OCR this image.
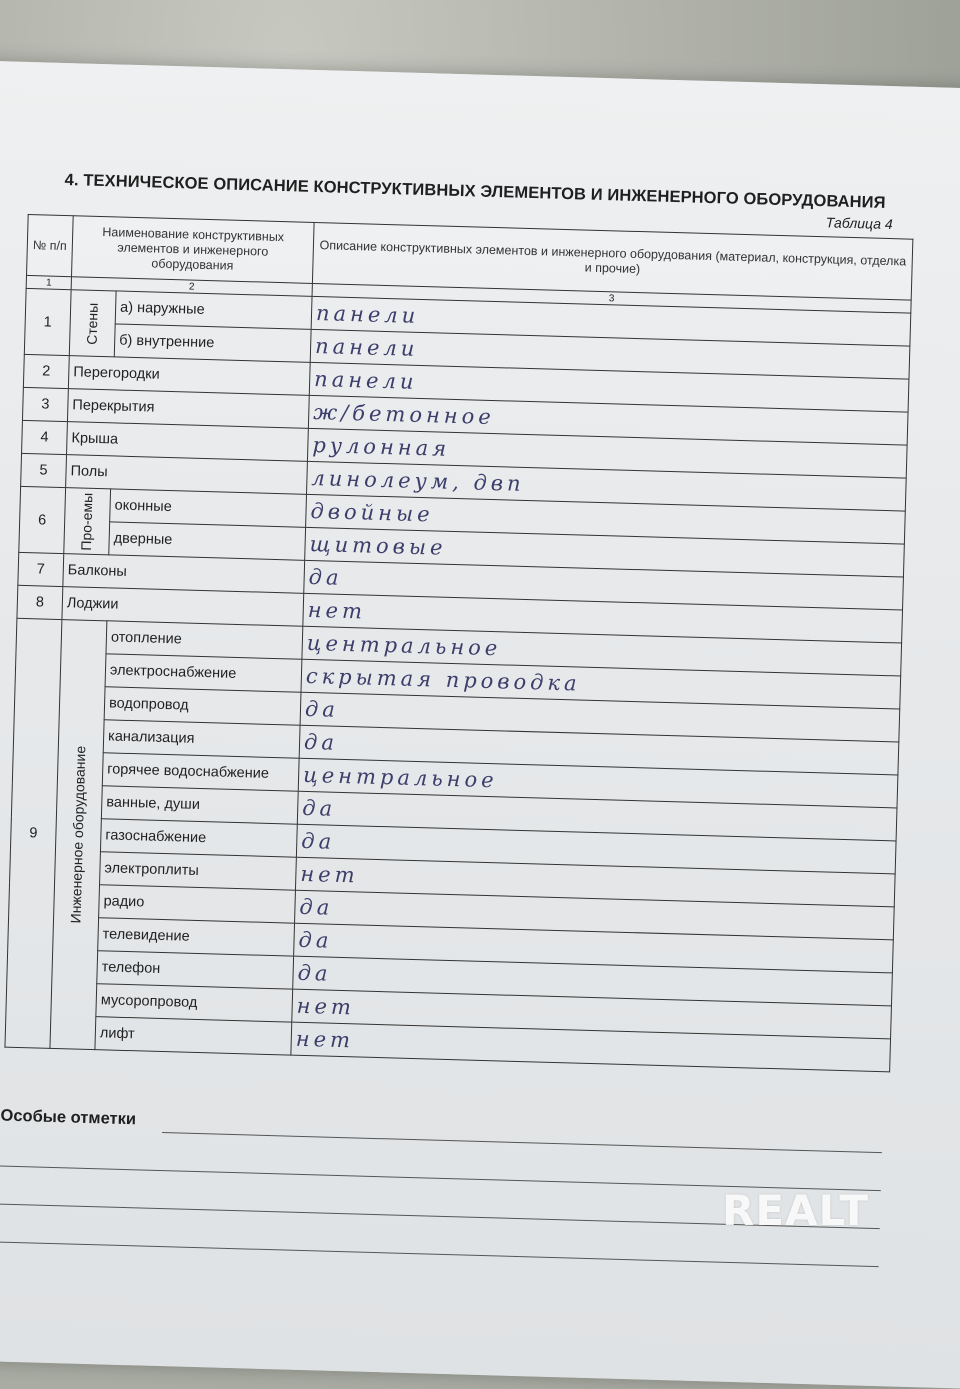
4. ТЕХНИЧЕСКОЕ ОПИСАНИЕ КОНСТРУКТИВНЫХ ЭЛЕМЕНТОВ И ИНЖЕНЕРНОГО ОБОРУДОВАНИЯ
Таблица 4
№ п/п	Наименование конструктивных элементов и инженерного оборудования		Описание конструктивных элементов и инженерного оборудования (материал, конструкция, отделка и прочие)
1	2		3
1	Стены	а) наружные	панели
		б) внутренние	панели
2	Перегородки		панели
3	Перекрытия		ж/бетонное
4	Крыша		рулонная
5	Полы		линолеум, двп
6	Про-емы	оконные	двойные
		дверные	щитовые
7	Балконы		да
8	Лоджии		нет
9	Инженерное оборудование	отопление	центральное
		электроснабжение	скрытая проводка
		водопровод	да
		канализация	да
		горячее водоснабжение	центральное
		ванные, души	да
		газоснабжение	да
		электроплиты	нет
		радио	да
		телевидение	да
		телефон	да
		мусоропровод	нет
		лифт	нет
Особые отметки
REALT
